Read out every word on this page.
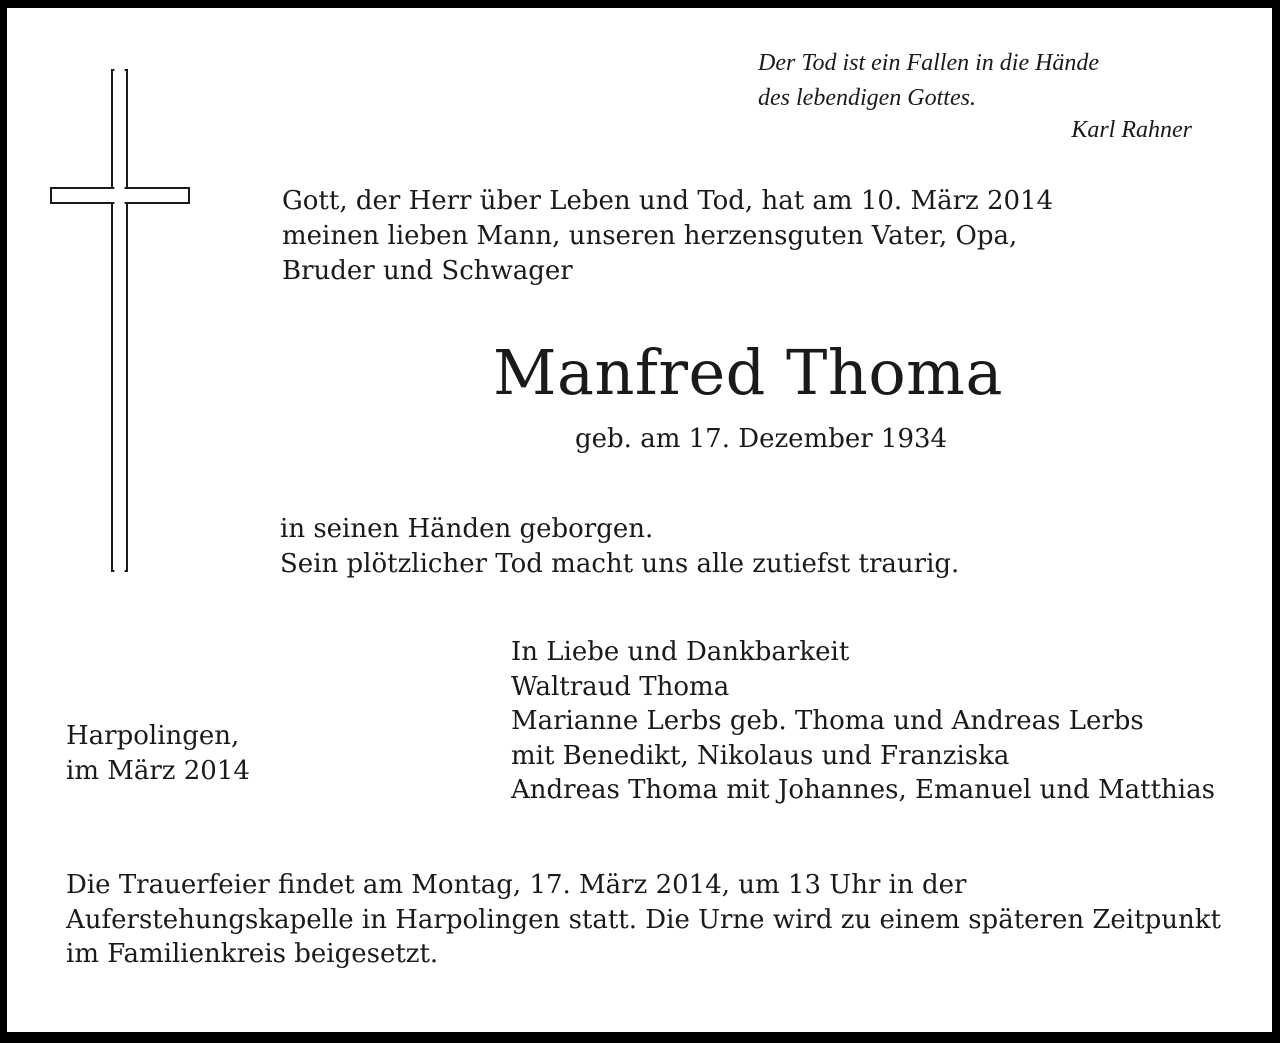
Der Tod ist ein Fallen in die Hände
des lebendigen Gottes.
Karl Rahner
Gott, der Herr über Leben und Tod, hat am 10. März 2014
meinen lieben Mann, unseren herzensguten Vater, Opa,
Bruder und Schwager
Manfred Thoma
geb. am 17. Dezember 1934
in seinen Händen geborgen.
Sein plötzlicher Tod macht uns alle zutiefst traurig.
In Liebe und Dankbarkeit
Waltraud Thoma
Marianne Lerbs geb. Thoma und Andreas Lerbs
mit Benedikt, Nikolaus und Franziska
Andreas Thoma mit Johannes, Emanuel und Matthias
Harpolingen,
im März 2014
Die Trauerfeier findet am Montag, 17. März 2014, um 13 Uhr in der
Auferstehungskapelle in Harpolingen statt. Die Urne wird zu einem späteren Zeitpunkt
im Familienkreis beigesetzt.
